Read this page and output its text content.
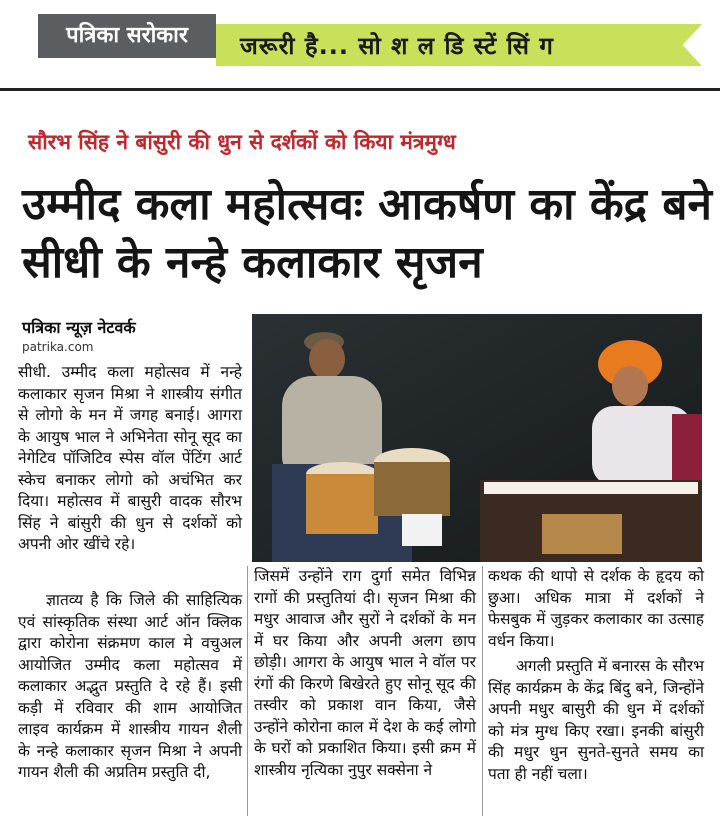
पत्रिका सरोकार	जरूरी है... सो श ल डि स्टें सिं ग
सौरभ सिंह ने बांसुरी की धुन से दर्शकों को किया मंत्रमुग्ध
उम्मीद कला महोत्सवः आकर्षण का केंद्र बने सीधी के नन्हे कलाकार सृजन
पत्रिका न्यूज़ नेटवर्क
patrika.com

सीधी. उम्मीद कला महोत्सव में नन्हे कलाकार सृजन मिश्रा ने शास्त्रीय संगीत से लोगो के मन में जगह बनाई। आगरा के आयुष भाल ने अभिनेता सोनू सूद का नेगेटिव पॉजिटिव स्पेस वॉल पेंटिंग आर्ट स्केच बनाकर लोगो को अचंभित कर दिया। महोत्सव में बासुरी वादक सौरभ सिंह ने बांसुरी की धुन से दर्शकों को अपनी ओर खींचे रहे।

ज्ञातव्य है कि जिले की साहित्यिक एवं सांस्कृतिक संस्था आर्ट ऑन क्लिक द्वारा कोरोना संक्रमण काल मे वचुअल आयोजित उम्मीद कला महोत्सव में कलाकार अद्भुत प्रस्तुति दे रहे हैं। इसी कड़ी में रविवार की शाम आयोजित लाइव कार्यक्रम में शास्त्रीय गायन शैली के नन्हे कलाकार सृजन मिश्रा ने अपनी गायन शैली की अप्रतिम प्रस्तुति दी,

जिसमें उन्होंने राग दुर्गा समेत विभिन्न रागों की प्रस्तुतियां दी। सृजन मिश्रा की मधुर आवाज और सुरों ने दर्शकों के मन में घर किया और अपनी अलग छाप छोड़ी। आगरा के आयुष भाल ने वॉल पर रंगों की किरणे बिखेरते हुए सोनू सूद की तस्वीर को प्रकाश वान किया, जैसे उन्होंने कोरोना काल में देश के कई लोगो के घरों को प्रकाशित किया। इसी क्रम में शास्त्रीय नृत्यिका नुपुर सक्सेना ने

कथक की थापो से दर्शक के हृदय को छुआ। अधिक मात्रा में दर्शकों ने फेसबुक में जुड़कर कलाकार का उत्साह वर्धन किया।

अगली प्रस्तुति में बनारस के सौरभ सिंह कार्यक्रम के केंद्र बिंदु बने, जिन्होंने अपनी मधुर बासुरी की धुन में दर्शकों को मंत्र मुग्ध किए रखा। इनकी बांसुरी की मधुर धुन सुनते-सुनते समय का पता ही नहीं चला।
